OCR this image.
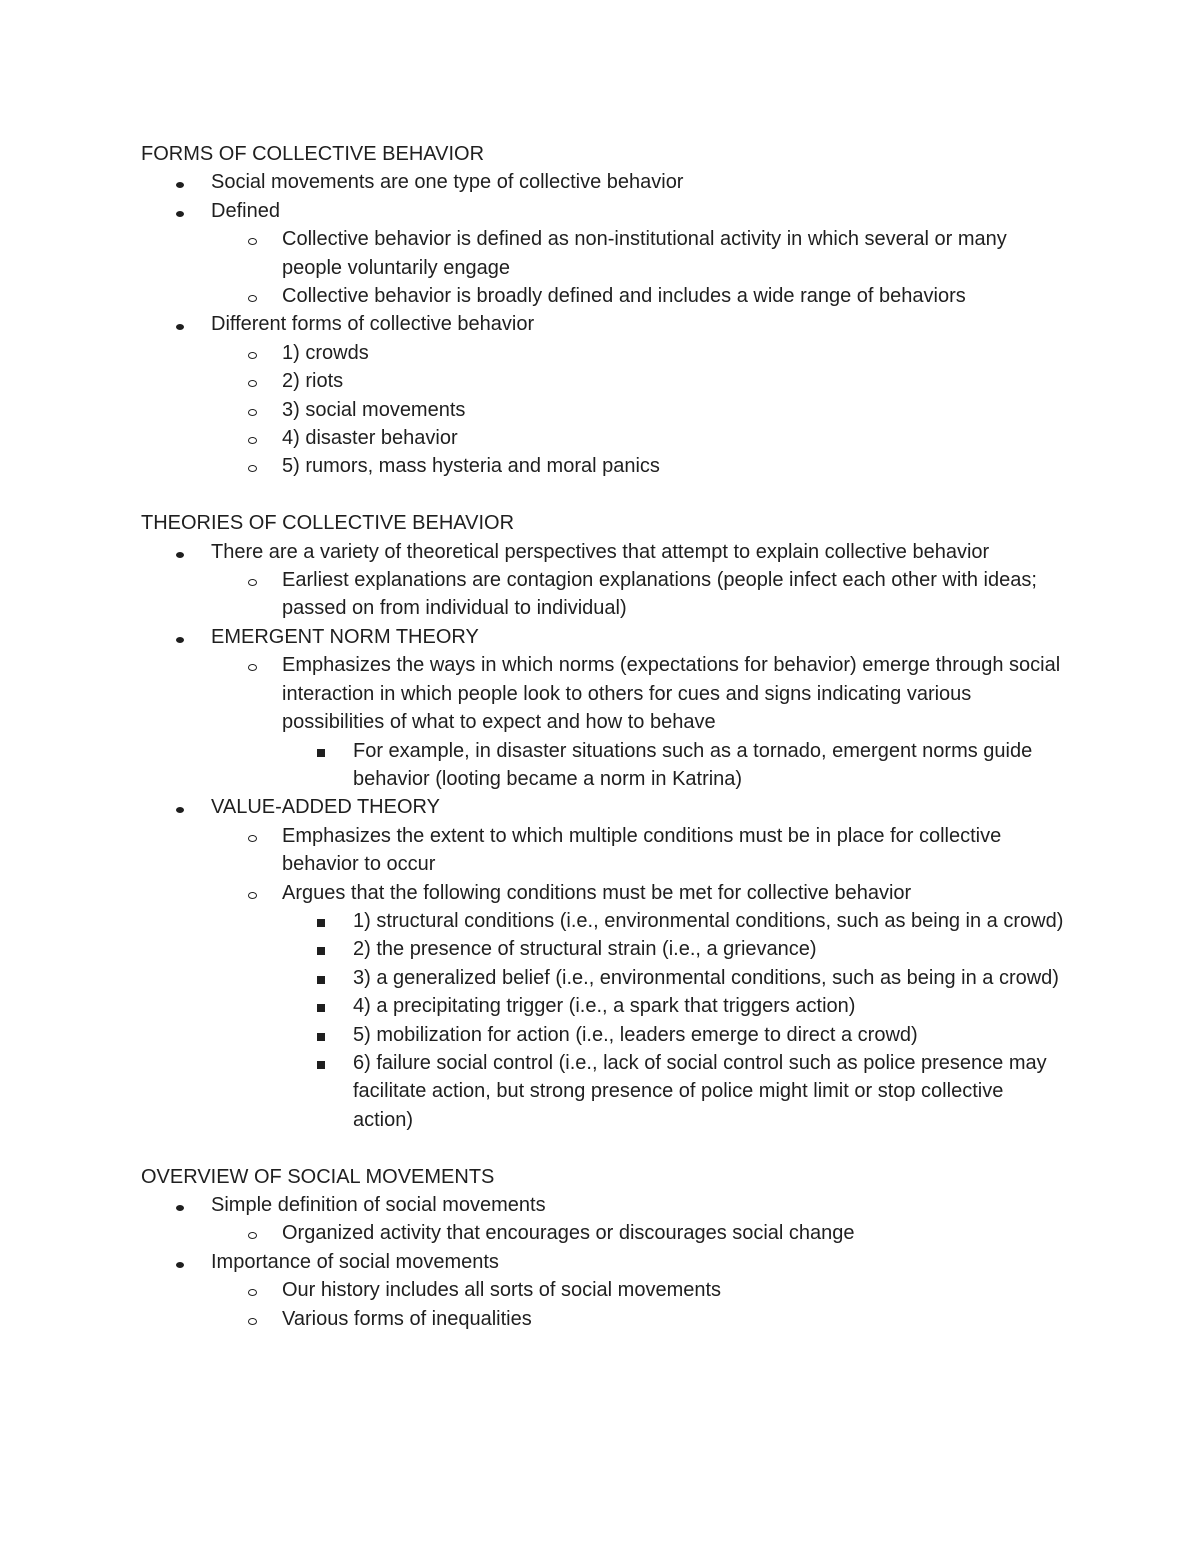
FORMS OF COLLECTIVE BEHAVIOR
Social movements are one type of collective behavior
Defined
Collective behavior is defined as non-institutional activity in which several or many people voluntarily engage
Collective behavior is broadly defined and includes a wide range of behaviors
Different forms of collective behavior
1) crowds
2) riots
3) social movements
4) disaster behavior
5) rumors, mass hysteria and moral panics
THEORIES OF COLLECTIVE BEHAVIOR
There are a variety of theoretical perspectives that attempt to explain collective behavior
Earliest explanations are contagion explanations (people infect each other with ideas; passed on from individual to individual)
EMERGENT NORM THEORY
Emphasizes the ways in which norms (expectations for behavior) emerge through social interaction in which people look to others for cues and signs indicating various possibilities of what to expect and how to behave
For example, in disaster situations such as a tornado, emergent norms guide behavior (looting became a norm in Katrina)
VALUE-ADDED THEORY
Emphasizes the extent to which multiple conditions must be in place for collective behavior to occur
Argues that the following conditions must be met for collective behavior
1) structural conditions (i.e., environmental conditions, such as being in a crowd)
2) the presence of structural strain (i.e., a grievance)
3) a generalized belief (i.e., environmental conditions, such as being in a crowd)
4) a precipitating trigger (i.e., a spark that triggers action)
5) mobilization for action (i.e., leaders emerge to direct a crowd)
6) failure social control (i.e., lack of social control such as police presence may facilitate action, but strong presence of police might limit or stop collective action)
OVERVIEW OF SOCIAL MOVEMENTS
Simple definition of social movements
Organized activity that encourages or discourages social change
Importance of social movements
Our history includes all sorts of social movements
Various forms of inequalities
